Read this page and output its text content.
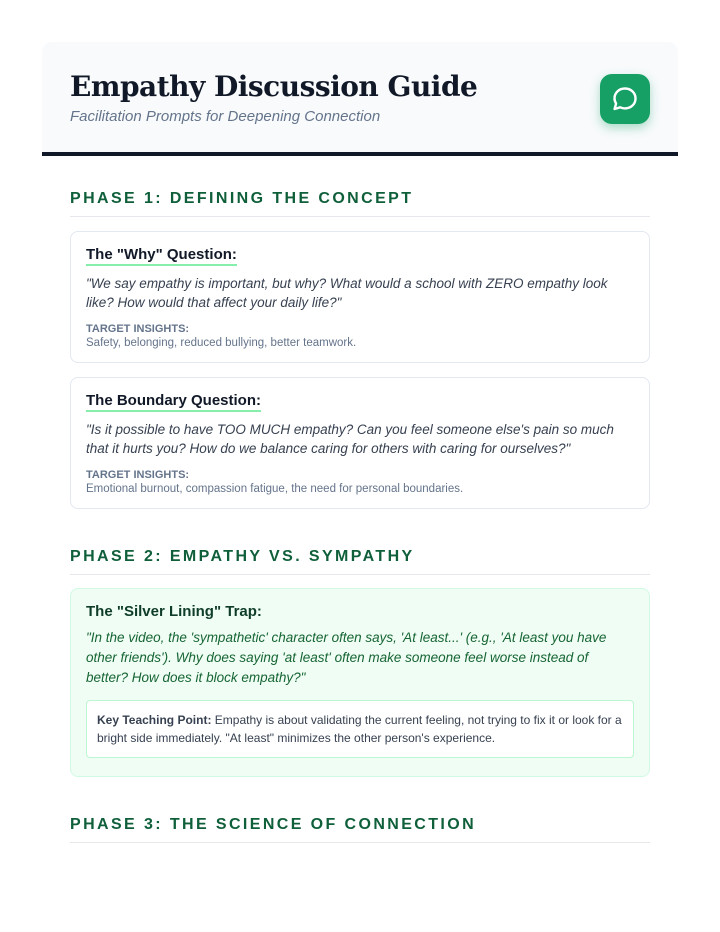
Empathy Discussion Guide
Facilitation Prompts for Deepening Connection
PHASE 1: DEFINING THE CONCEPT
The "Why" Question:
"We say empathy is important, but why? What would a school with ZERO empathy look like? How would that affect your daily life?"
TARGET INSIGHTS:
Safety, belonging, reduced bullying, better teamwork.
The Boundary Question:
"Is it possible to have TOO MUCH empathy? Can you feel someone else's pain so much that it hurts you? How do we balance caring for others with caring for ourselves?"
TARGET INSIGHTS:
Emotional burnout, compassion fatigue, the need for personal boundaries.
PHASE 2: EMPATHY VS. SYMPATHY
The "Silver Lining" Trap:
"In the video, the 'sympathetic' character often says, 'At least...' (e.g., 'At least you have other friends'). Why does saying 'at least' often make someone feel worse instead of better? How does it block empathy?"
Key Teaching Point: Empathy is about validating the current feeling, not trying to fix it or look for a bright side immediately. "At least" minimizes the other person's experience.
PHASE 3: THE SCIENCE OF CONNECTION
